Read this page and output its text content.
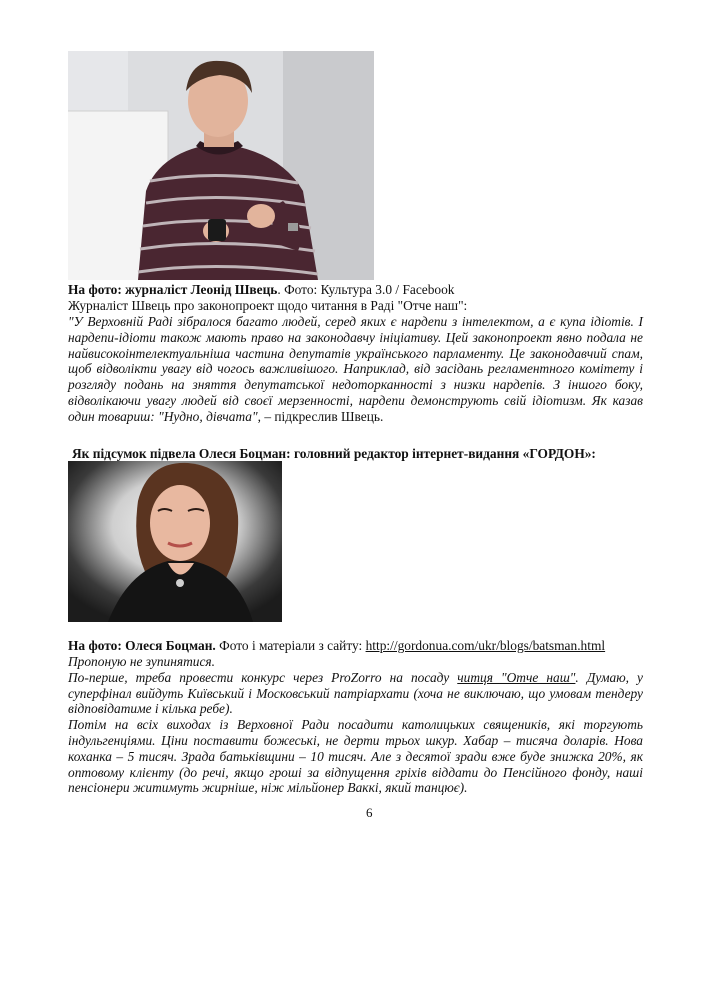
На фото: журналіст Леонід Швець. Фото: Культура 3.0 / Facebook

Журналіст Швець про законопроект щодо читання в Раді "Отче наш":

"У Верховній Раді зібралося багато людей, серед яких є нардепи з інтелектом, а є купа ідіотів. І нардепи-ідіоти також мають право на законодавчу ініціативу. Цей законопроект явно подала не найвисокоінтелектуальніша частина депутатів українського парламенту. Це законодавчий спам, щоб відволікти увагу від чогось важливішого. Наприклад, від засідань регламентного комітету і розгляду подань на зняття депутатської недоторканності з низки нардепів. З іншого боку, відволікаючи увагу людей від своєї мерзенності, нардепи демонструють свій ідіотизм. Як казав один товариш: "Нудно, дівчата", – підкреслив Швець.

Як підсумок підвела Олеся Боцман: головний редактор інтернет-видання «ГОРДОН»:

На фото: Олеся Боцман. Фото і матеріали з сайту: http://gordonua.com/ukr/blogs/batsman.html

Пропоную не зупинятися.

По-перше, треба провести конкурс через ProZorro на посаду читця "Отче наш". Думаю, у суперфінал вийдуть Київський і Московський патріархати (хоча не виключаю, що умовам тендеру відповідатиме і кілька ребе).

Потім на всіх виходах із Верховної Ради посадити католицьких священиків, які торгують індульгенціями. Ціни поставити божеські, не дерти трьох шкур. Хабар – тисяча доларів. Нова коханка – 5 тисяч. Зрада батьківщини – 10 тисяч. Але з десятої зради вже буде знижка 20%, як оптовому клієнту (до речі, якщо гроші за відпущення гріхів віддати до Пенсійного фонду, наші пенсіонери житимуть жирніше, ніж мільйонер Ваккі, який танцює).

6
